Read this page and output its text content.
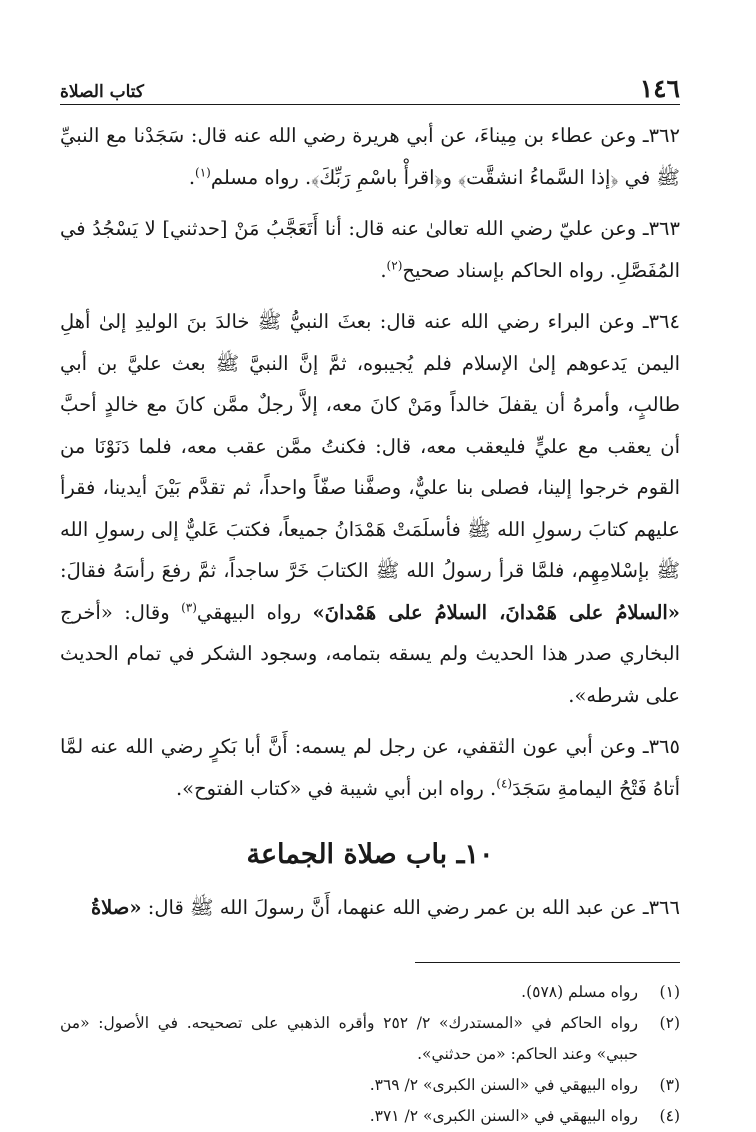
١٤٦
كتاب الصلاة

٣٦٢ـ وعن عطاء بن مِيناءَ، عن أبي هريرة رضي الله عنه قال: سَجَدْنا مع النبيِّ ﷺ في ﴿إذا السَّماءُ انشقَّت﴾ و﴿اقرأْ باسْمِ رَبِّكَ﴾. رواه مسلم$^{(١)}$.

٣٦٣ـ وعن عليّ رضي الله تعالىٰ عنه قال: أنا أَتَعَجَّبُ مَنْ [حدثني] لا يَسْجُدُ في المُفَصَّلِ. رواه الحاكم بإسناد صحيح$^{(٢)}$.

٣٦٤ـ وعن البراء رضي الله عنه قال: بعثَ النبيُّ ﷺ خالدَ بنَ الوليدِ إلىٰ أهلِ اليمن يَدعوهم إلىٰ الإسلام فلم يُجيبوه، ثمَّ إنَّ النبيَّ ﷺ بعث عليَّ بن أبي طالبٍ، وأمرهُ أن يقفلَ خالداً ومَنْ كانَ معه، إلاَّ رجلٌ ممَّن كانَ مع خالدٍ أحبَّ أن يعقب مع عليٍّ فليعقب معه، قال: فكنتُ ممَّن عقب معه، فلما دَنَوْنَا من القوم خرجوا إلينا، فصلى بنا عليٌّ، وصفَّنا صفّاً واحداً، ثم تقدَّم بَيْنَ أيدينا، فقرأ عليهم كتابَ رسولِ الله ﷺ فأسلَمَتْ هَمْدَانُ جميعاً، فكتبَ عَليٌّ إلى رسولِ الله ﷺ بإسْلامِهِم، فلمَّا قرأ رسولُ الله ﷺ الكتابَ خَرَّ ساجداً، ثمَّ رفعَ رأسَهُ فقالَ: «السلامُ على هَمْدانَ، السلامُ على هَمْدانَ» رواه البيهقي$^{(٣)}$ وقال: «أخرج البخاري صدر هذا الحديث ولم يسقه بتمامه، وسجود الشكر في تمام الحديث على شرطه».

٣٦٥ـ وعن أبي عون الثقفي، عن رجل لم يسمه: أَنَّ أبا بَكرٍ رضي الله عنه لمَّا أتاهُ فَتْحُ اليمامةِ سَجَدَ$^{(٤)}$. رواه ابن أبي شيبة في «كتاب الفتوح».

١٠ـ باب صلاة الجماعة

٣٦٦ـ عن عبد الله بن عمر رضي الله عنهما، أَنَّ رسولَ الله ﷺ قال: «صلاةُ

(١)
رواه مسلم (٥٧٨).
(٢)
رواه الحاكم في «المستدرك» ٢/ ٢٥٢ وأقره الذهبي على تصحيحه. في الأصول: «من حببي» وعند الحاكم: «من حدثني».
(٣)
رواه البيهقي في «السنن الكبرى» ٢/ ٣٦٩.
(٤)
رواه البيهقي في «السنن الكبرى» ٢/ ٣٧١.
